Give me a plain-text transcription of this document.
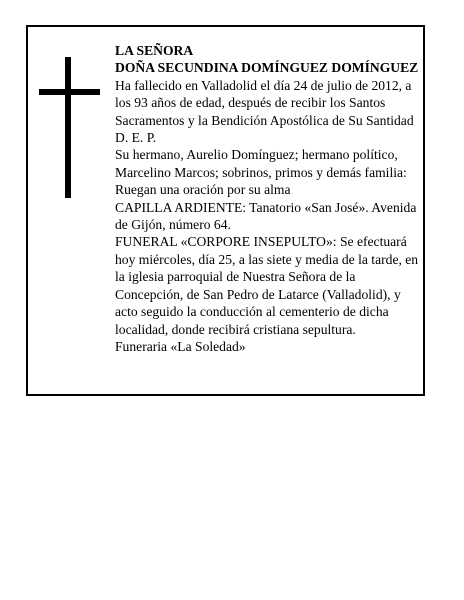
LA SEÑORA
DOÑA SECUNDINA DOMÍNGUEZ DOMÍNGUEZ
Ha fallecido en Valladolid el día 24 de julio de 2012, a
los 93 años de edad, después de recibir los Santos
Sacramentos y la Bendición Apostólica de Su Santidad
D. E. P.
Su hermano, Aurelio Domínguez; hermano político,
Marcelino Marcos; sobrinos, primos y demás familia:
Ruegan una oración por su alma
CAPILLA ARDIENTE: Tanatorio «San José». Avenida
de Gijón, número 64.
FUNERAL «CORPORE INSEPULTO»: Se efectuará
hoy miércoles, día 25, a las siete y media de la tarde, en
la iglesia parroquial de Nuestra Señora de la
Concepción, de San Pedro de Latarce (Valladolid), y
acto seguido la conducción al cementerio de dicha
localidad, donde recibirá cristiana sepultura.
Funeraria «La Soledad»
